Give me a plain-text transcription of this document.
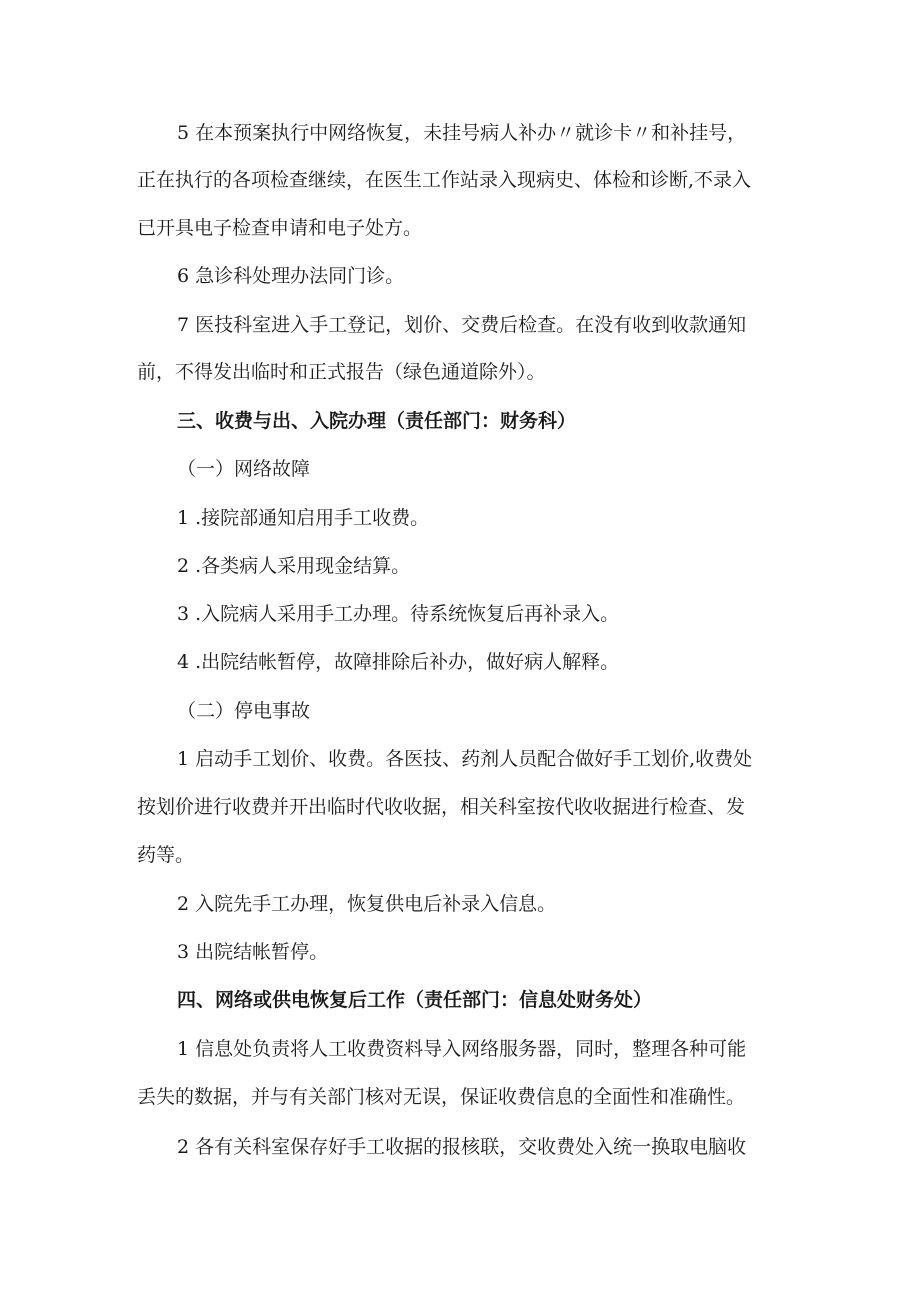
5 在本预案执行中网络恢复，未挂号病人补办〃就诊卡〃和补挂号，
正在执行的各项检查继续，在医生工作站录入现病史、体检和诊断,不录入
已开具电子检查申请和电子处方。
6 急诊科处理办法同门诊。
7 医技科室进入手工登记，划价、交费后检查。在没有收到收款通知
前，不得发出临时和正式报告（绿色通道除外）。
三、收费与出、入院办理（责任部门：财务科）
（一）网络故障
1 .接院部通知启用手工收费。
2 .各类病人采用现金结算。
3 .入院病人采用手工办理。待系统恢复后再补录入。
4 .出院结帐暂停，故障排除后补办，做好病人解释。
（二）停电事故
1 启动手工划价、收费。各医技、药剂人员配合做好手工划价,收费处
按划价进行收费并开出临时代收收据，相关科室按代收收据进行检查、发
药等。
2 入院先手工办理，恢复供电后补录入信息。
3 出院结帐暂停。
四、网络或供电恢复后工作（责任部门：信息处财务处）
1 信息处负责将人工收费资料导入网络服务器，同时，整理各种可能
丢失的数据，并与有关部门核对无误，保证收费信息的全面性和准确性。
2 各有关科室保存好手工收据的报核联，交收费处入统一换取电脑收
